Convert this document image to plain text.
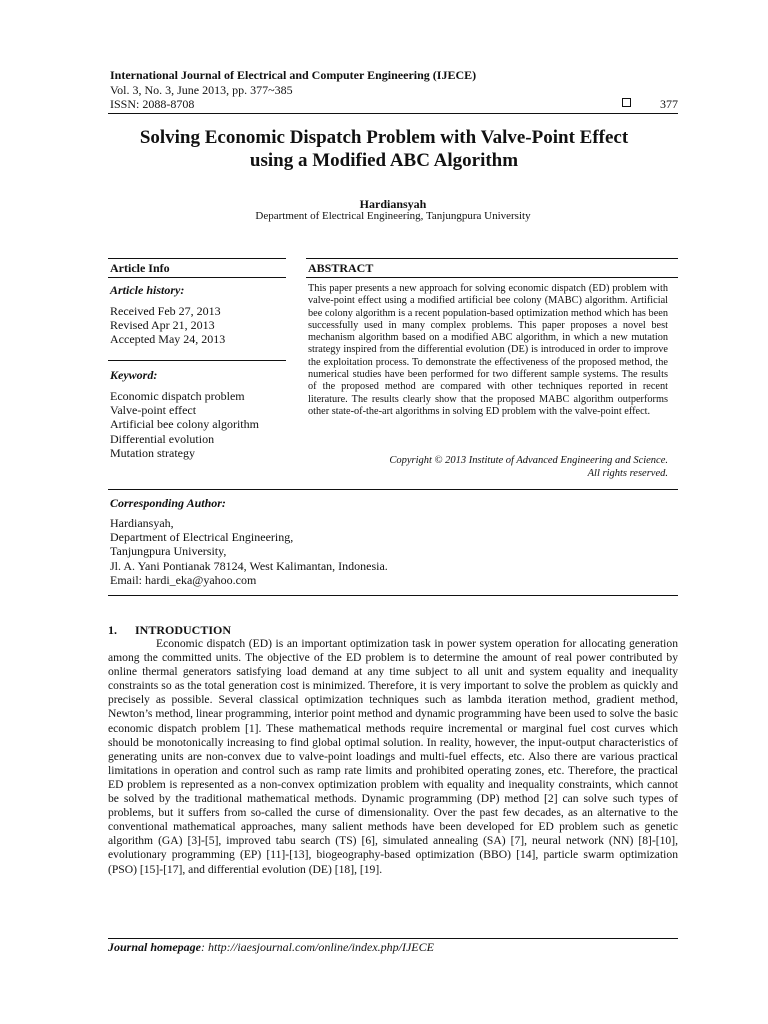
International Journal of Electrical and Computer Engineering (IJECE)
Vol. 3, No. 3, June 2013, pp. 377~385
ISSN: 2088-8708	377
Solving Economic Dispatch Problem with Valve-Point Effect
using a Modified ABC Algorithm
Hardiansyah
Department of Electrical Engineering, Tanjungpura University
Article Info
Article history:
Received Feb 27, 2013
Revised Apr 21, 2013
Accepted May 24, 2013
Keyword:
Economic dispatch problem
Valve-point effect
Artificial bee colony algorithm
Differential evolution
Mutation strategy
ABSTRACT
This paper presents a new approach for solving economic dispatch (ED) problem with valve-point effect using a modified artificial bee colony (MABC) algorithm. Artificial bee colony algorithm is a recent population-based optimization method which has been successfully used in many complex problems. This paper proposes a novel best mechanism algorithm based on a modified ABC algorithm, in which a new mutation strategy inspired from the differential evolution (DE) is introduced in order to improve the exploitation process. To demonstrate the effectiveness of the proposed method, the numerical studies have been performed for two different sample systems. The results of the proposed method are compared with other techniques reported in recent literature. The results clearly show that the proposed MABC algorithm outperforms other state-of-the-art algorithms in solving ED problem with the valve-point effect.
Copyright © 2013 Institute of Advanced Engineering and Science.
All rights reserved.
Corresponding Author:
Hardiansyah,
Department of Electrical Engineering,
Tanjungpura University,
Jl. A. Yani Pontianak 78124, West Kalimantan, Indonesia.
Email: hardi_eka@yahoo.com
1.      INTRODUCTION
Economic dispatch (ED) is an important optimization task in power system operation for allocating generation among the committed units. The objective of the ED problem is to determine the amount of real power contributed by online thermal generators satisfying load demand at any time subject to all unit and system equality and inequality constraints so as the total generation cost is minimized. Therefore, it is very important to solve the problem as quickly and precisely as possible. Several classical optimization techniques such as lambda iteration method, gradient method, Newton’s method, linear programming, interior point method and dynamic programming have been used to solve the basic economic dispatch problem [1]. These mathematical methods require incremental or marginal fuel cost curves which should be monotonically increasing to find global optimal solution. In reality, however, the input-output characteristics of generating units are non-convex due to valve-point loadings and multi-fuel effects, etc. Also there are various practical limitations in operation and control such as ramp rate limits and prohibited operating zones, etc. Therefore, the practical ED problem is represented as a non-convex optimization problem with equality and inequality constraints, which cannot be solved by the traditional mathematical methods. Dynamic programming (DP) method [2] can solve such types of problems, but it suffers from so-called the curse of dimensionality. Over the past few decades, as an alternative to the conventional mathematical approaches, many salient methods have been developed for ED problem such as genetic algorithm (GA) [3]-[5], improved tabu search (TS) [6], simulated annealing (SA) [7], neural network (NN) [8]-[10], evolutionary programming (EP) [11]-[13], biogeography-based optimization (BBO) [14], particle swarm optimization (PSO) [15]-[17], and differential evolution (DE) [18], [19].
Journal homepage: http://iaesjournal.com/online/index.php/IJECE
